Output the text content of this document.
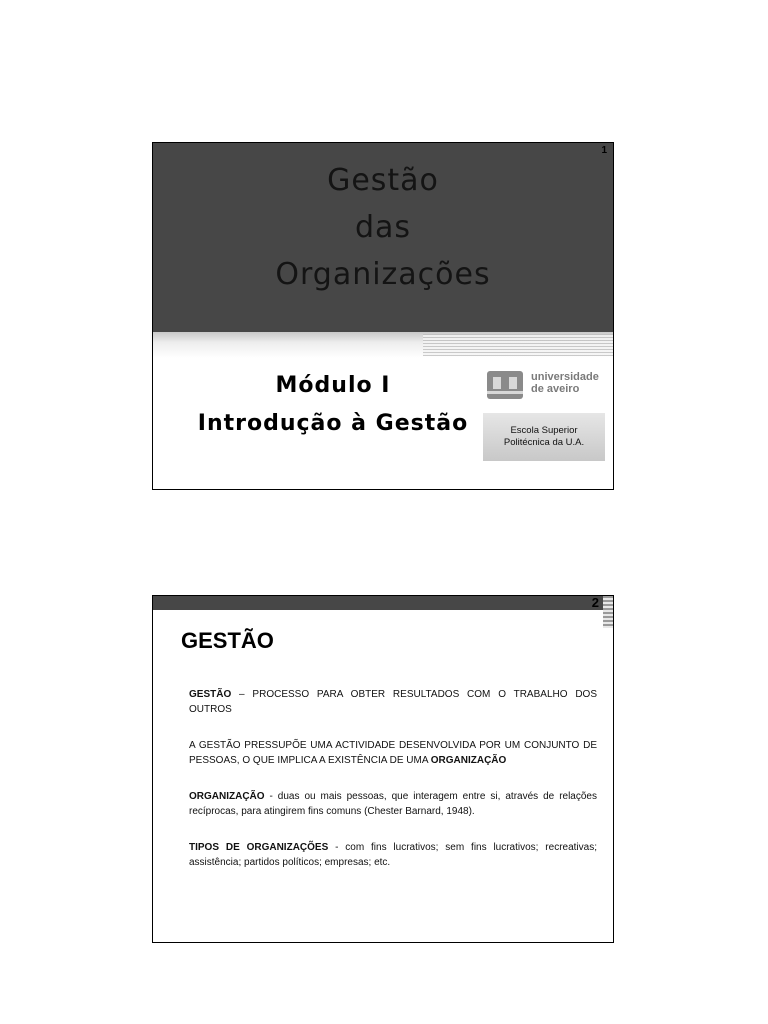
1
Gestão
das
Organizações
Módulo I
Introdução à Gestão
universidade
de aveiro
Escola Superior
Politécnica da U.A.
2
GESTÃO
GESTÃO – PROCESSO PARA OBTER RESULTADOS COM O TRABALHO DOS OUTROS
A GESTÃO PRESSUPÕE UMA ACTIVIDADE DESENVOLVIDA POR UM CONJUNTO DE PESSOAS, O QUE IMPLICA A EXISTÊNCIA DE UMA ORGANIZAÇÃO
ORGANIZAÇÃO - duas ou mais pessoas, que interagem entre si, através de relações recíprocas, para atingirem fins comuns (Chester Barnard, 1948).
TIPOS DE ORGANIZAÇÕES - com fins lucrativos; sem fins lucrativos; recreativas; assistência; partidos políticos; empresas; etc.
